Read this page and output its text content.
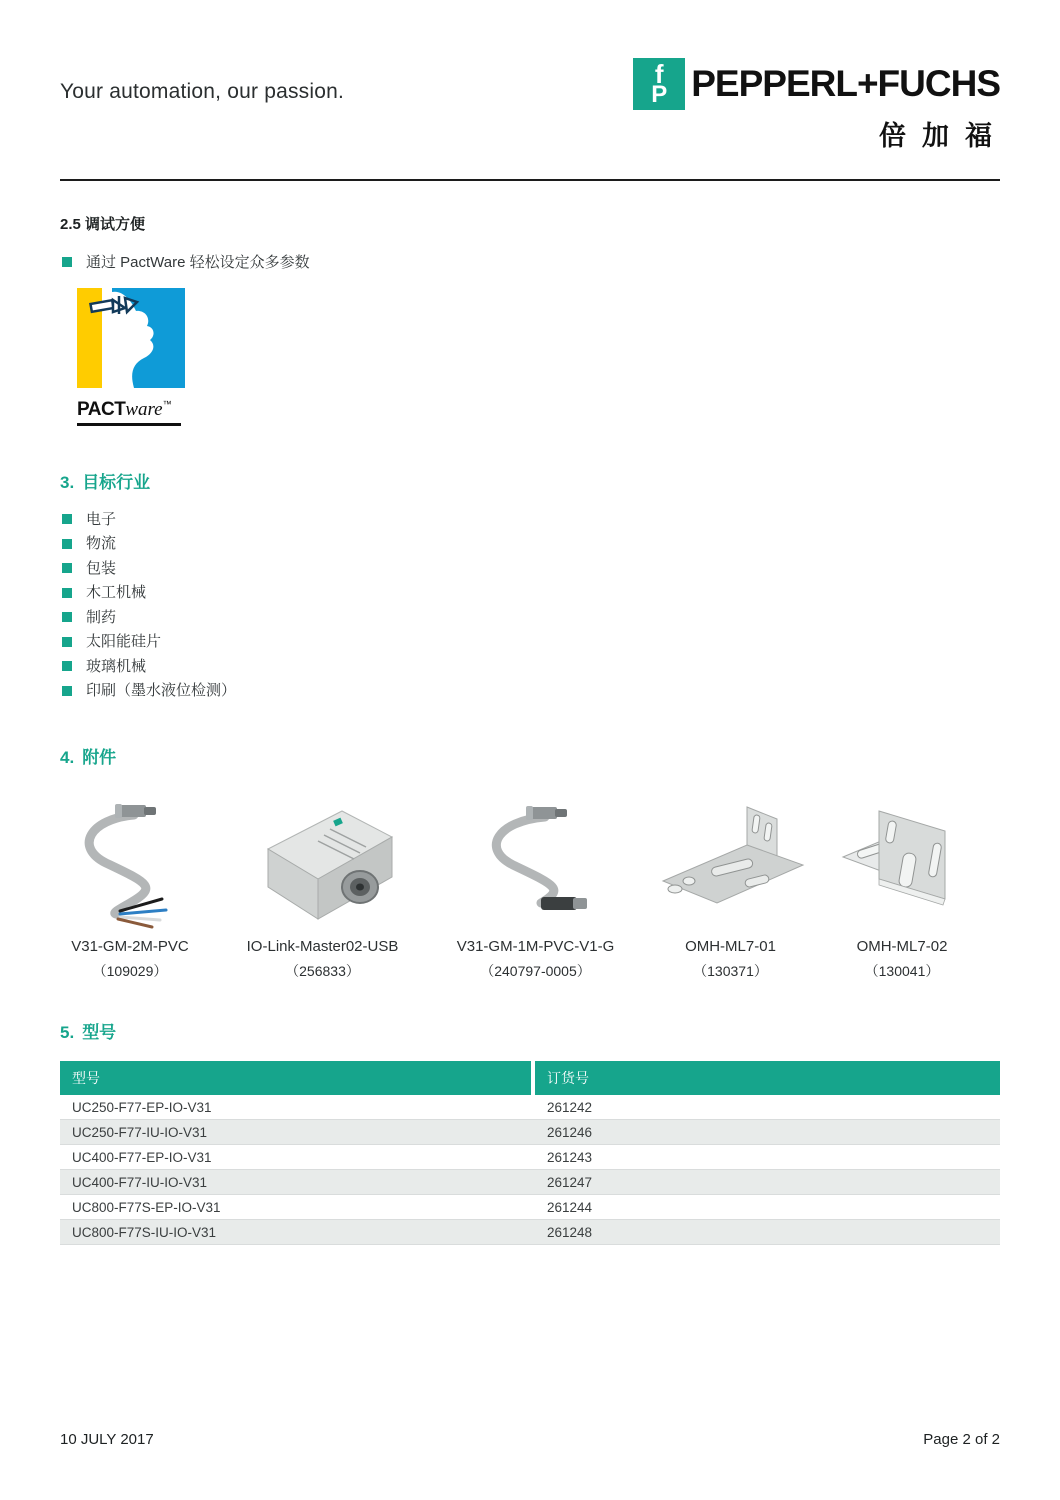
Your automation, our passion.
f
P PEPPERL+FUCHS
倍加福
2.5 调试方便
通过 PactWare 轻松设定众多参数
PACTware™
3. 目标行业
电子
物流
包装
木工机械
制药
太阳能硅片
玻璃机械
印刷（墨水液位检测）
4. 附件
V31-GM-2M-PVC
（109029）
IO-Link-Master02-USB
（256833）
V31-GM-1M-PVC-V1-G
（240797-0005）
OMH-ML7-01
（130371）
OMH-ML7-02
（130041）
5. 型号
型号	订货号
UC250-F77-EP-IO-V31	261242
UC250-F77-IU-IO-V31	261246
UC400-F77-EP-IO-V31	261243
UC400-F77-IU-IO-V31	261247
UC800-F77S-EP-IO-V31	261244
UC800-F77S-IU-IO-V31	261248
10 JULY 2017	Page 2 of 2
